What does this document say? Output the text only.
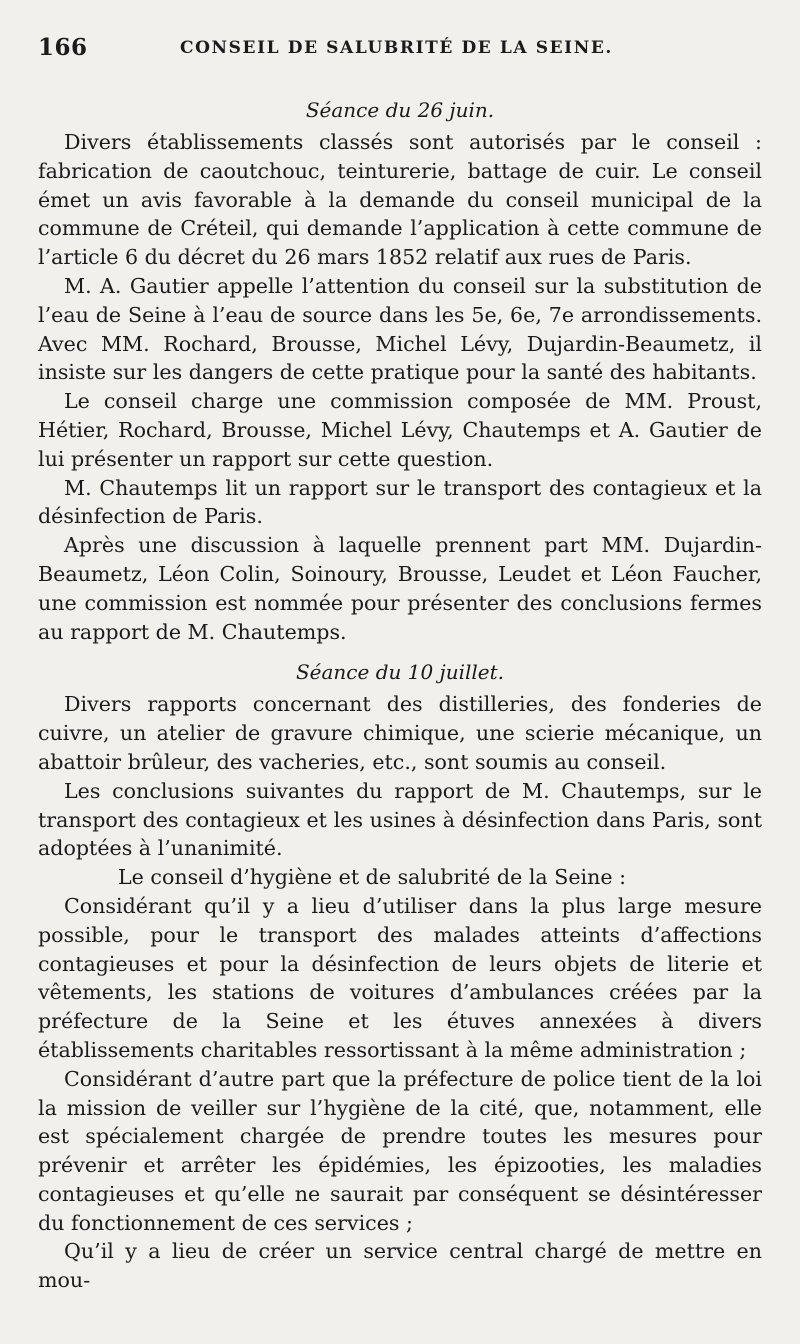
166	CONSEIL DE SALUBRITÉ DE LA SEINE.
Séance du 26 juin.

Divers établissements classés sont autorisés par le conseil : fabrication de caoutchouc, teinturerie, battage de cuir. Le conseil émet un avis favorable à la demande du conseil municipal de la commune de Créteil, qui demande l’application à cette commune de l’article 6 du décret du 26 mars 1852 relatif aux rues de Paris.

M. A. Gautier appelle l’attention du conseil sur la substitution de l’eau de Seine à l’eau de source dans les 5e, 6e, 7e arrondissements. Avec MM. Rochard, Brousse, Michel Lévy, Dujardin-Beaumetz, il insiste sur les dangers de cette pratique pour la santé des habitants.

Le conseil charge une commission composée de MM. Proust, Hétier, Rochard, Brousse, Michel Lévy, Chautemps et A. Gautier de lui présenter un rapport sur cette question.

M. Chautemps lit un rapport sur le transport des contagieux et la désinfection de Paris.

Après une discussion à laquelle prennent part MM. Dujardin-Beaumetz, Léon Colin, Soinoury, Brousse, Leudet et Léon Faucher, une commission est nommée pour présenter des conclusions fermes au rapport de M. Chautemps.

Séance du 10 juillet.

Divers rapports concernant des distilleries, des fonderies de cuivre, un atelier de gravure chimique, une scierie mécanique, un abattoir brûleur, des vacheries, etc., sont soumis au conseil.

Les conclusions suivantes du rapport de M. Chautemps, sur le transport des contagieux et les usines à désinfection dans Paris, sont adoptées à l’unanimité.

Le conseil d’hygiène et de salubrité de la Seine :

Considérant qu’il y a lieu d’utiliser dans la plus large mesure possible, pour le transport des malades atteints d’affections contagieuses et pour la désinfection de leurs objets de literie et vêtements, les stations de voitures d’ambulances créées par la préfecture de la Seine et les étuves annexées à divers établissements charitables ressortissant à la même administration ;

Considérant d’autre part que la préfecture de police tient de la loi la mission de veiller sur l’hygiène de la cité, que, notamment, elle est spécialement chargée de prendre toutes les mesures pour prévenir et arrêter les épidémies, les épizooties, les maladies contagieuses et qu’elle ne saurait par conséquent se désintéresser du fonctionnement de ces services ;

Qu’il y a lieu de créer un service central chargé de mettre en mou-
